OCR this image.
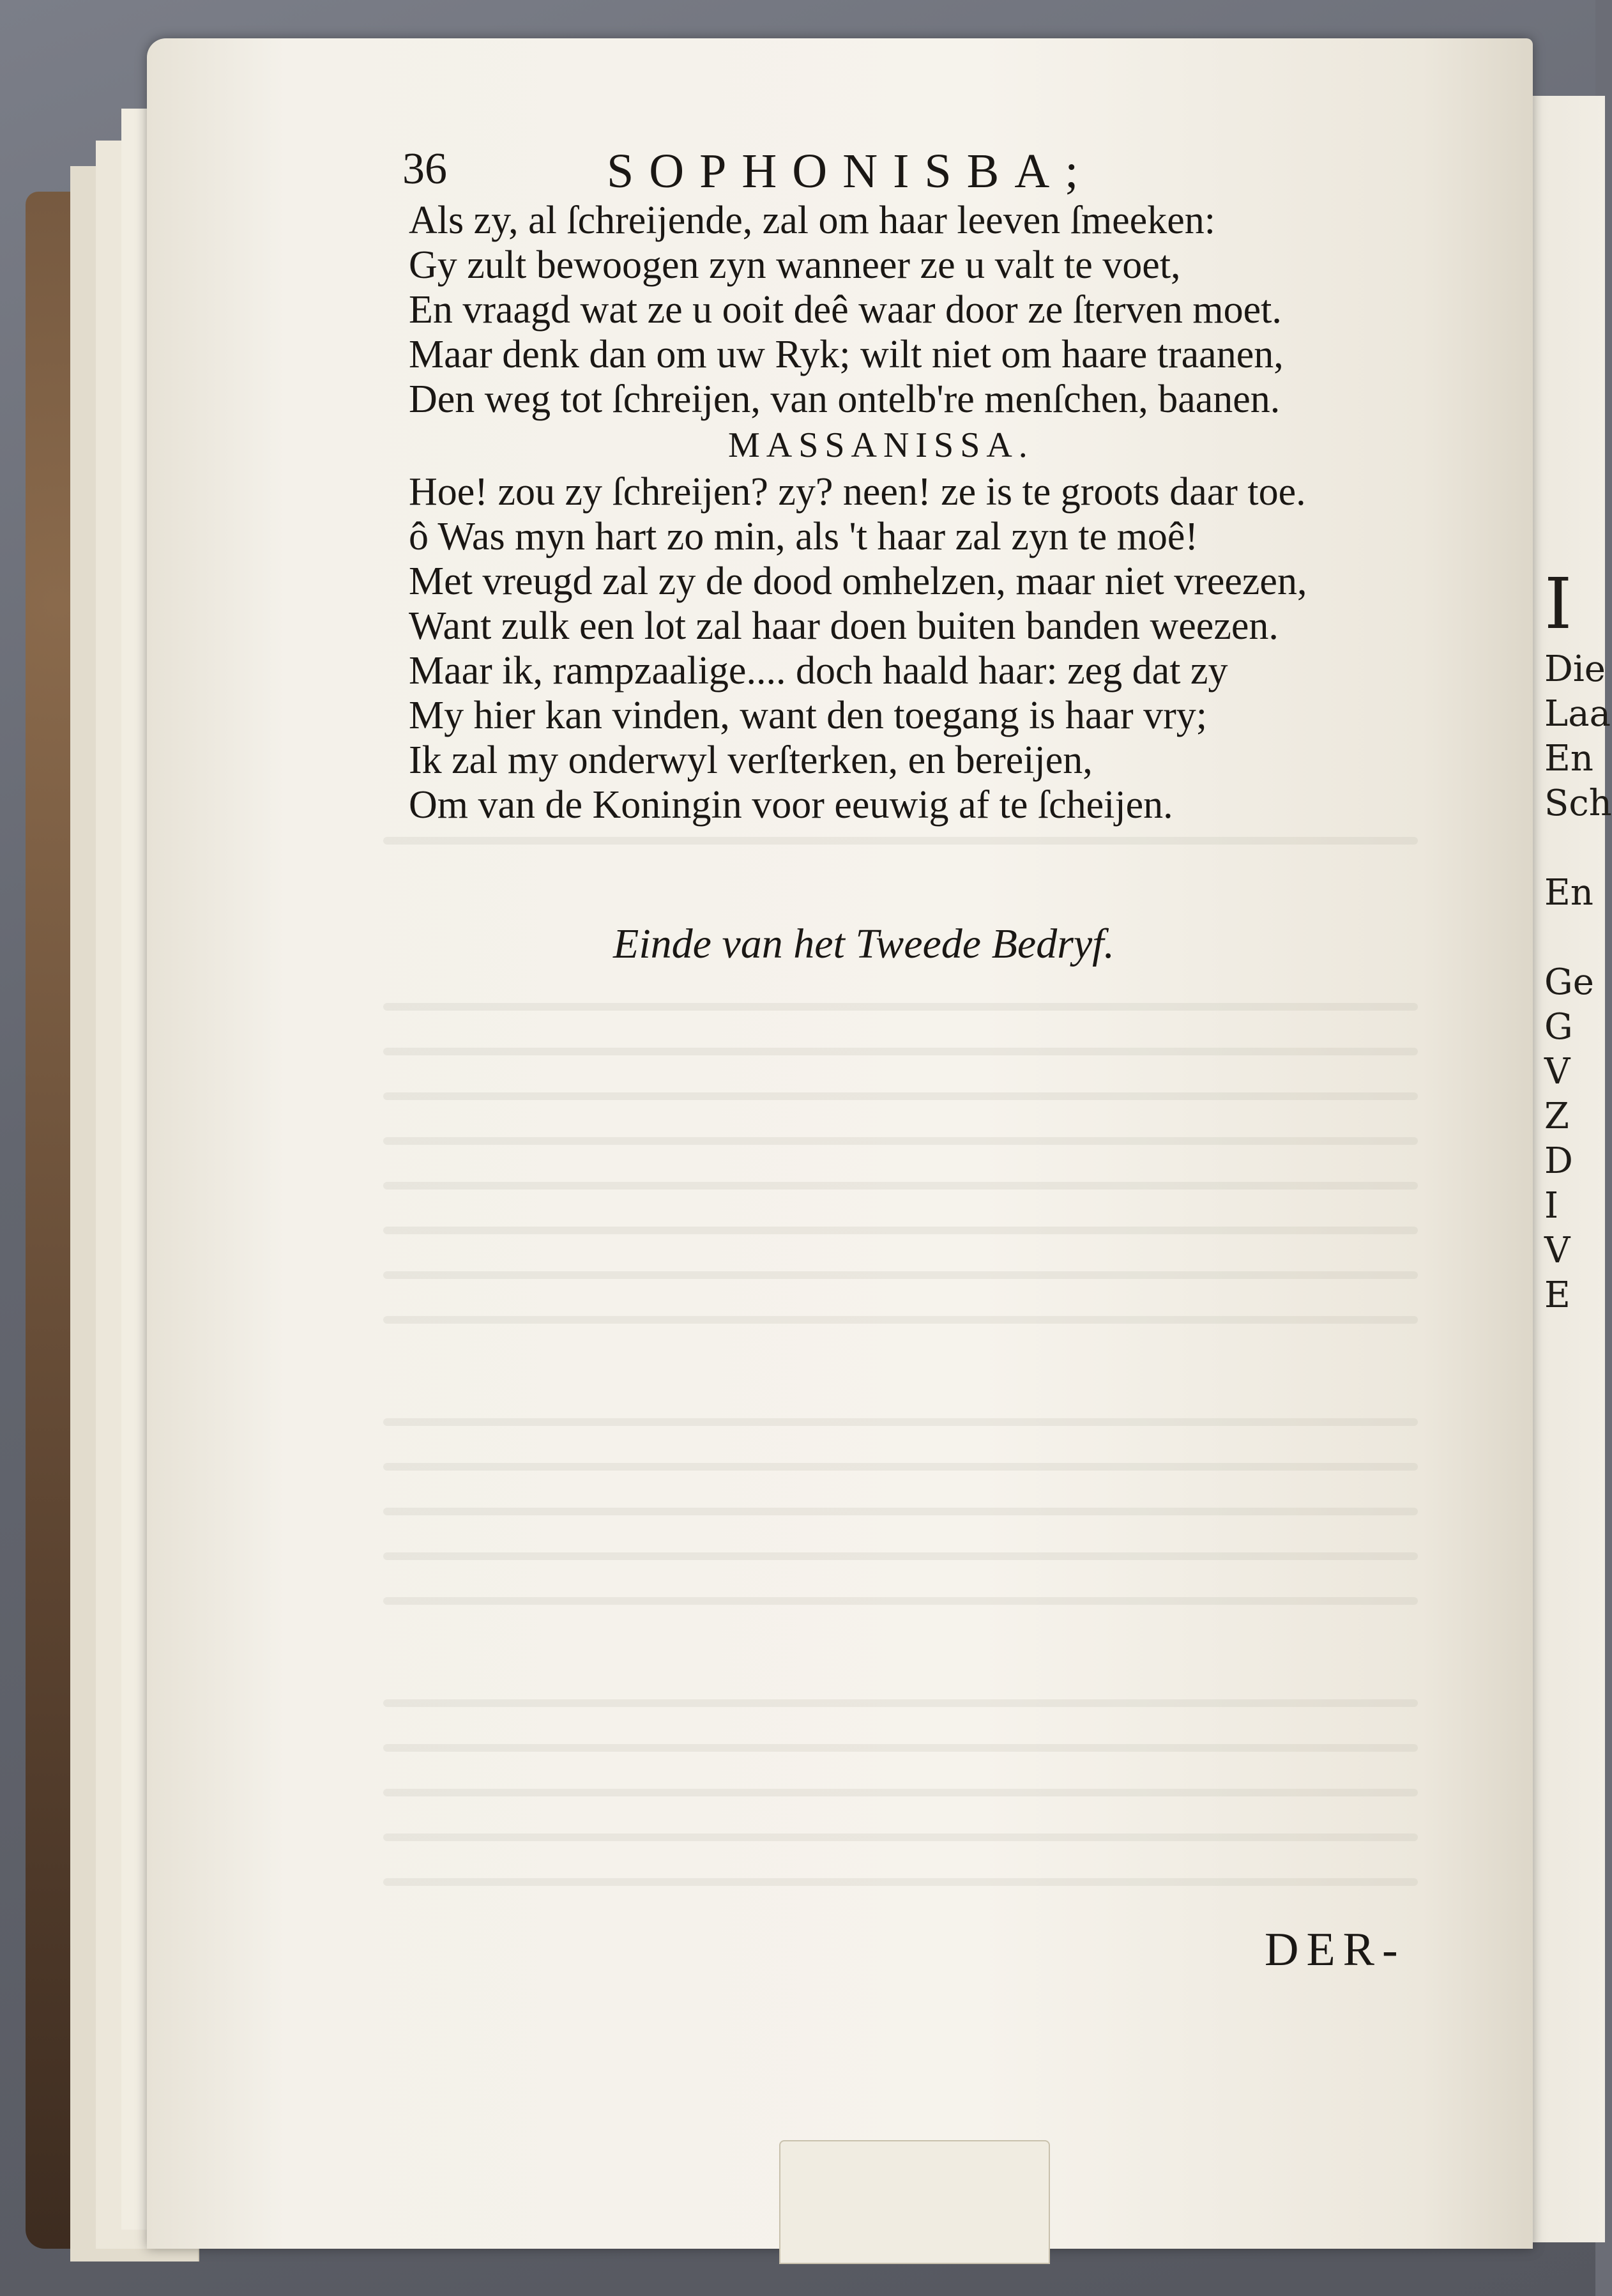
I
Die
Laa
En
Sch
En
Ge
G
V
Z
D
I
V
E
36	SOPHONISBA;
Als zy, al ſchreijende, zal om haar leeven ſmeeken:
Gy zult bewoogen zyn wanneer ze u valt te voet,
En vraagd wat ze u ooit deê waar door ze ſterven moet.
Maar denk dan om uw Ryk; wilt niet om haare traanen,
Den weg tot ſchreijen, van ontelb're menſchen, baanen.
MASSANISSA.
Hoe! zou zy ſchreijen? zy? neen! ze is te groots daar toe.
ô Was myn hart zo min, als 't haar zal zyn te moê!
Met vreugd zal zy de dood omhelzen, maar niet vreezen,
Want zulk een lot zal haar doen buiten banden weezen.
Maar ik, rampzaalige.... doch haald haar: zeg dat zy
My hier kan vinden, want den toegang is haar vry;
Ik zal my onderwyl verſterken, en bereijen,
Om van de Koningin voor eeuwig af te ſcheijen.
Einde van het Tweede Bedryf.
DER-
